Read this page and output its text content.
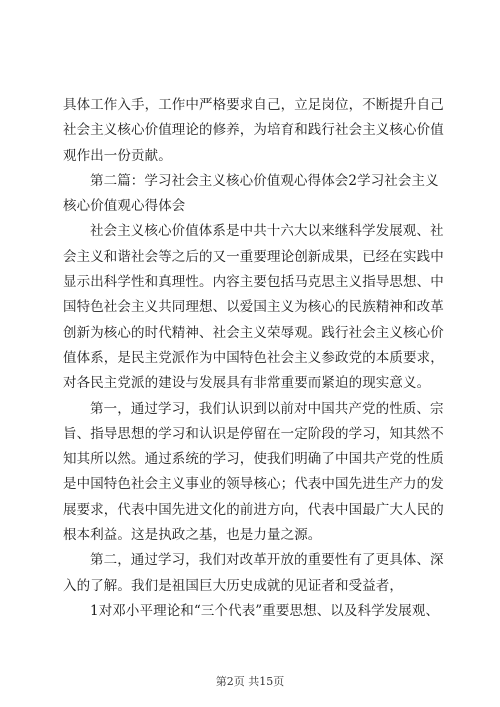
具体工作入手，工作中严格要求自己，立足岗位，不断提升自己
社会主义核心价值理论的修养，为培育和践行社会主义核心价值
观作出一份贡献。
第二篇：学习社会主义核心价值观心得体会2学习社会主义
核心价值观心得体会
社会主义核心价值体系是中共十六大以来继科学发展观、社
会主义和谐社会等之后的又一重要理论创新成果，已经在实践中
显示出科学性和真理性。内容主要包括马克思主义指导思想、中
国特色社会主义共同理想、以爱国主义为核心的民族精神和改革
创新为核心的时代精神、社会主义荣辱观。践行社会主义核心价
值体系，是民主党派作为中国特色社会主义参政党的本质要求，
对各民主党派的建设与发展具有非常重要而紧迫的现实意义。
第一，通过学习，我们认识到以前对中国共产党的性质、宗
旨、指导思想的学习和认识是停留在一定阶段的学习，知其然不
知其所以然。通过系统的学习，使我们明确了中国共产党的性质
是中国特色社会主义事业的领导核心；代表中国先进生产力的发
展要求，代表中国先进文化的前进方向，代表中国最广大人民的
根本利益。这是执政之基，也是力量之源。
第二，通过学习，我们对改革开放的重要性有了更具体、深
入的了解。我们是祖国巨大历史成就的见证者和受益者，
1对邓小平理论和“三个代表”重要思想、以及科学发展观、
第2页 共15页
